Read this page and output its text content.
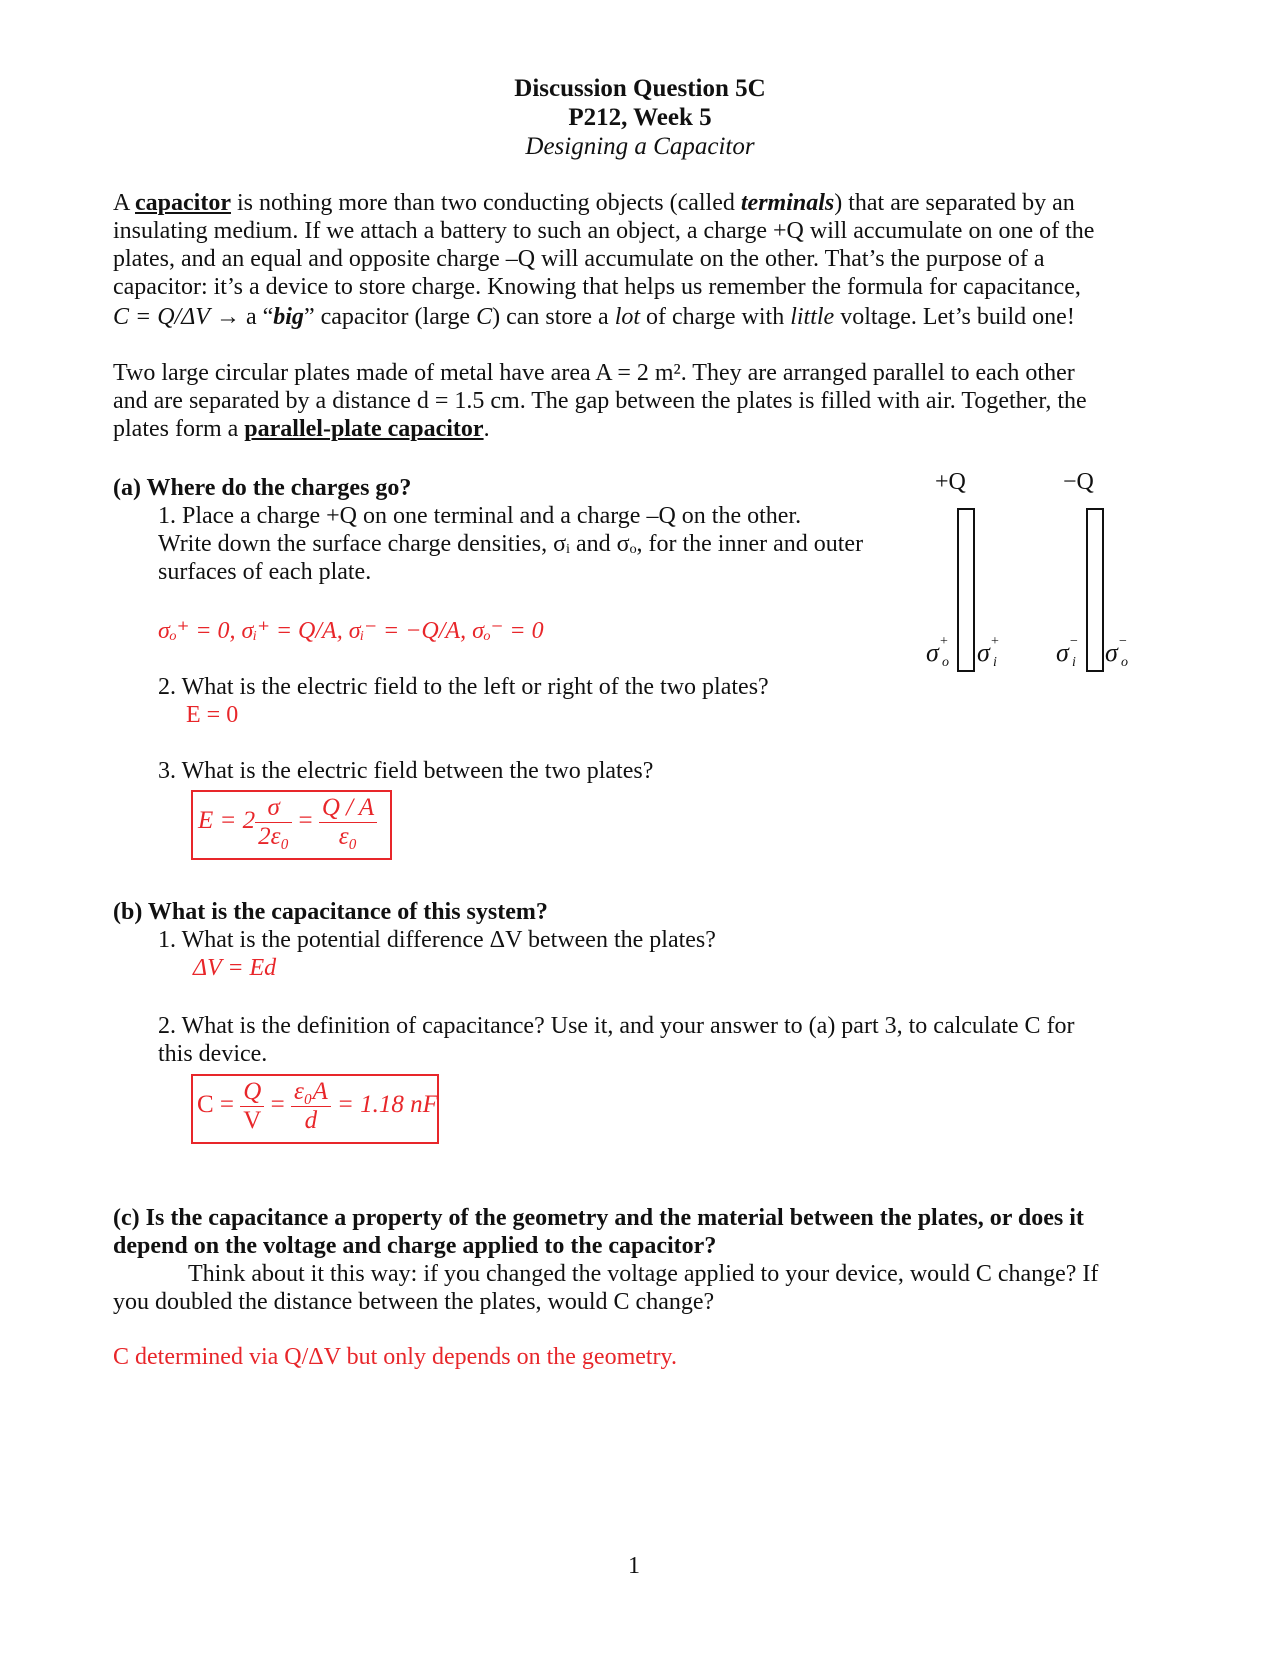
Discussion Question 5C
P212, Week 5
Designing a Capacitor
A capacitor is nothing more than two conducting objects (called terminals) that are separated by an
insulating medium. If we attach a battery to such an object, a charge +Q will accumulate on one of the
plates, and an equal and opposite charge –Q will accumulate on the other. That’s the purpose of a
capacitor: it’s a device to store charge. Knowing that helps us remember the formula for capacitance,
C = Q/ΔV → a “big” capacitor (large C) can store a lot of charge with little voltage. Let’s build one!
Two large circular plates made of metal have area A = 2 m². They are arranged parallel to each other
and are separated by a distance d = 1.5 cm. The gap between the plates is filled with air. Together, the
plates form a parallel-plate capacitor.
(a) Where do the charges go?
1. Place a charge +Q on one terminal and a charge –Q on the other.
Write down the surface charge densities, σᵢ and σₒ, for the inner and outer
surfaces of each plate.
σₒ⁺ = 0, σᵢ⁺ = Q/A, σᵢ⁻ = −Q/A, σₒ⁻ = 0
2. What is the electric field to the left or right of the two plates?
E = 0
3. What is the electric field between the two plates?
$E = 2 \frac{\sigma}{\text{2ε₀}} = \frac{Q / A}{\text{ε₀}}$
+Q	−Q
σ +
o σ +
i σ −
i σ −
o
(b) What is the capacitance of this system?
1. What is the potential difference ΔV between the plates?
ΔV = Ed
2. What is the definition of capacitance? Use it, and your answer to (a) part 3, to calculate C for
this device.
$C = \frac{Q}{V} = \frac{\text{ε₀A}}{d} = 1.18$ nF
(c) Is the capacitance a property of the geometry and the material between the plates, or does it
depend on the voltage and charge applied to the capacitor?
Think about it this way: if you changed the voltage applied to your device, would C change? If
you doubled the distance between the plates, would C change?
C determined via Q/ΔV but only depends on the geometry.
1
